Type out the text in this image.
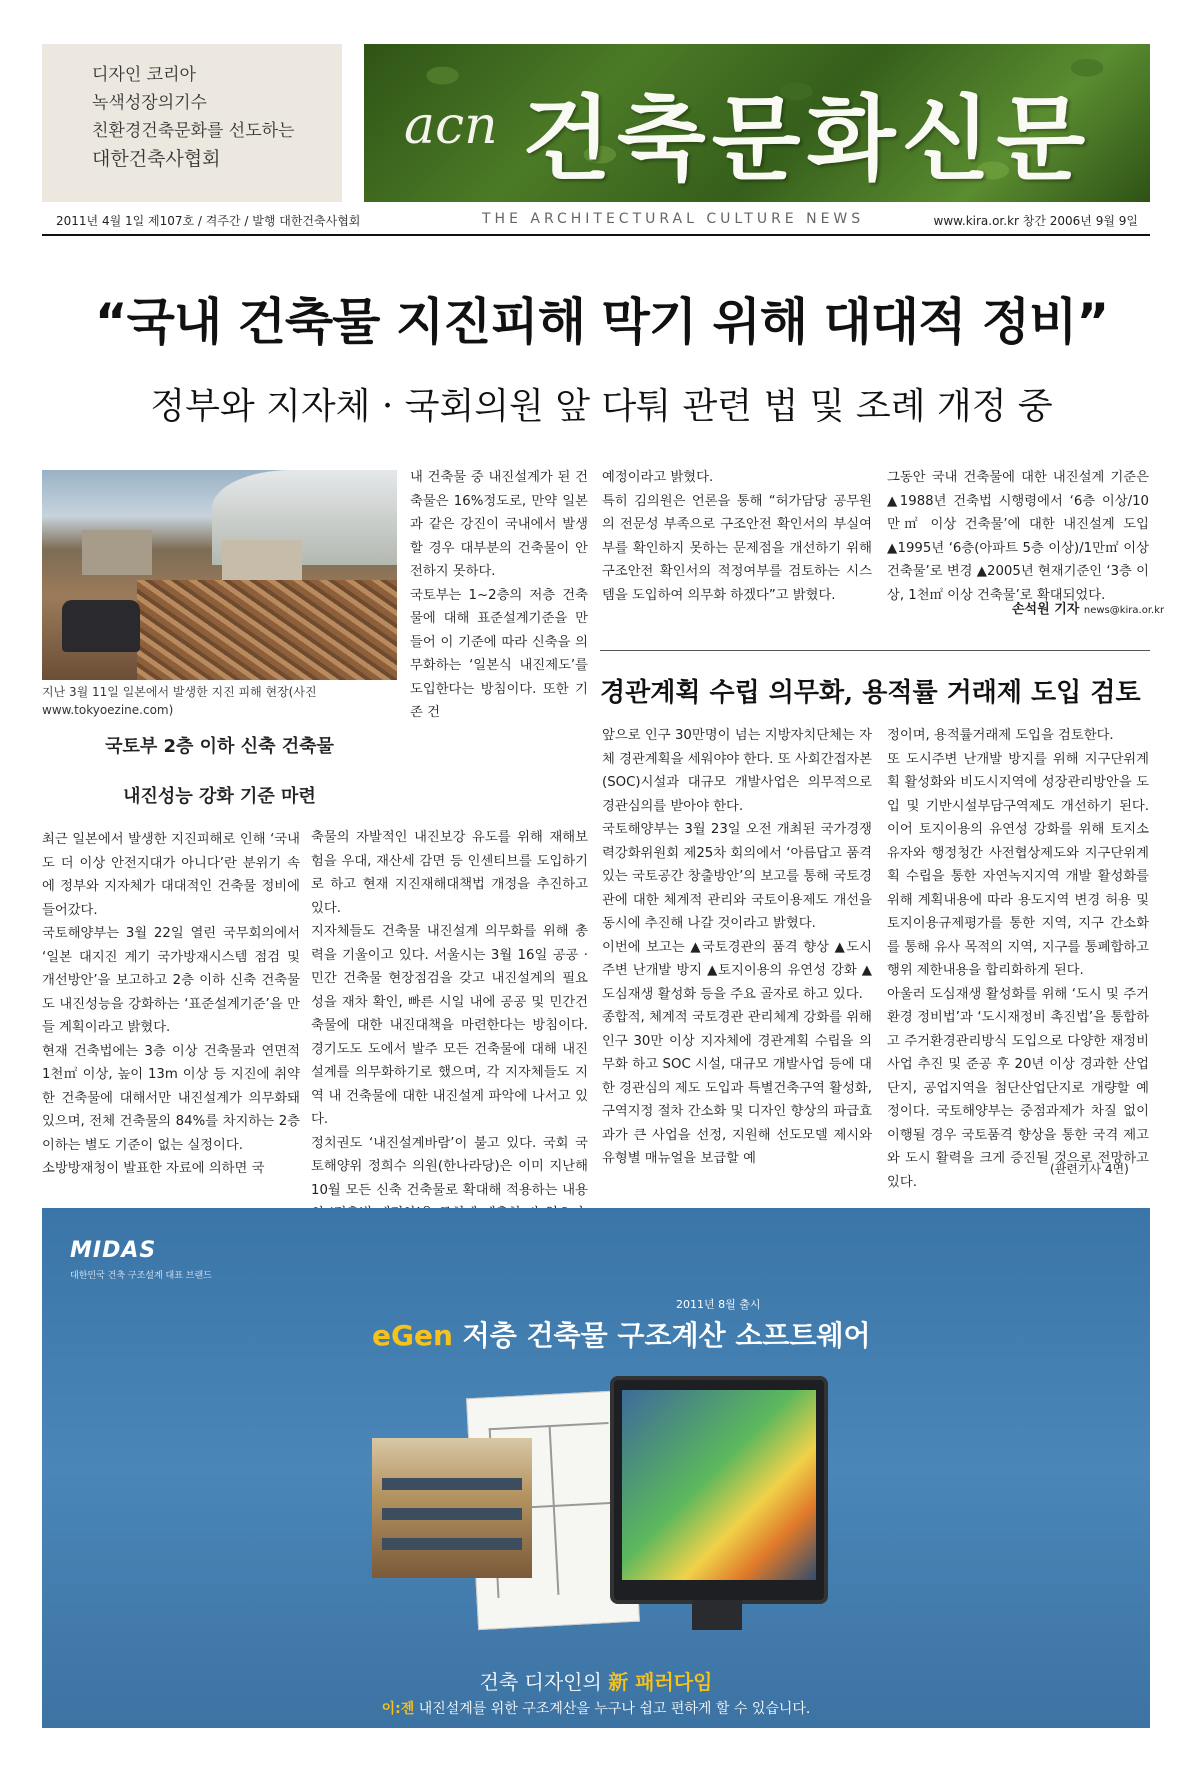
디자인 코리아
녹색성장의기수
친환경건축문화를 선도하는
대한건축사협회
acn 건축문화신문
2011년 4월 1일 제107호 / 격주간 / 발행 대한건축사협회	THE ARCHITECTURAL CULTURE NEWS	www.kira.or.kr 창간 2006년 9월 9일
“국내 건축물 지진피해 막기 위해 대대적 정비”
정부와 지자체 · 국회의원 앞 다퉈 관련 법 및 조례 개정 중
지난 3월 11일 일본에서 발생한 지진 피해 현장(사진 www.tokyoezine.com)
국토부 2층 이하 신축 건축물
내진성능 강화 기준 마련
최근 일본에서 발생한 지진피해로 인해 ‘국내도 더 이상 안전지대가 아니다’란 분위기 속에 정부와 지자체가 대대적인 건축물 정비에 들어갔다.
국토해양부는 3월 22일 열린 국무회의에서 ‘일본 대지진 계기 국가방재시스템 점검 및 개선방안’을 보고하고 2층 이하 신축 건축물도 내진성능을 강화하는 ‘표준설계기준’을 만들 계획이라고 밝혔다.
현재 건축법에는 3층 이상 건축물과 연면적 1천㎡ 이상, 높이 13m 이상 등 지진에 취약한 건축물에 대해서만 내진설계가 의무화돼 있으며, 전체 건축물의 84%를 차지하는 2층 이하는 별도 기준이 없는 실정이다.
소방방재청이 발표한 자료에 의하면 국
내 건축물 중 내진설계가 된 건축물은 16%정도로, 만약 일본과 같은 강진이 국내에서 발생할 경우 대부분의 건축물이 안전하지 못하다.
국토부는 1~2층의 저층 건축물에 대해 표준설계기준을 만들어 이 기준에 따라 신축을 의무화하는 ‘일본식 내진제도’를 도입한다는 방침이다. 또한 기존 건
축물의 자발적인 내진보강 유도를 위해 재해보험을 우대, 재산세 감면 등 인센티브를 도입하기로 하고 현재 지진재해대책법 개정을 추진하고 있다.
지자체들도 건축물 내진설계 의무화를 위해 총력을 기울이고 있다. 서울시는 3월 16일 공공 · 민간 건축물 현장점검을 갖고 내진설계의 필요성을 재차 확인, 빠른 시일 내에 공공 및 민간건축물에 대한 내진대책을 마련한다는 방침이다. 경기도도 도에서 발주 모든 건축물에 대해 내진설계를 의무화하기로 했으며, 각 지자체들도 지역 내 건축물에 대한 내진설계 파악에 나서고 있다.
정치권도 ‘내진설계바람’이 불고 있다. 국회 국토해양위 정희수 의원(한나라당)은 이미 지난해 10월 모든 신축 건축물로 확대해 적용하는 내용
예정이라고 밝혔다.
특히 김의원은 언론을 통해 “허가담당 공무원의 전문성 부족으로 구조안전 확인서의 부실여부를 확인하지 못하는 문제점을 개선하기 위해 구조안전 확인서의 적정여부를 검토하는 시스템을 도입하여 의무화 하겠다”고 밝혔다.
그동안 국내 건축물에 대한 내진설계 기준은 ▲1988년 건축법 시행령에서 ‘6층 이상/10만㎡ 이상 건축물’에 대한 내진설계 도입 ▲1995년 ‘6층(아파트 5층 이상)/1만㎡ 이상 건축물’로 변경 ▲2005년 현재기준인 ‘3층 이상, 1천㎡ 이상 건축물’로 확대되었다.
손석원 기자 news@kira.or.kr
경관계획 수립 의무화, 용적률 거래제 도입 검토
앞으로 인구 30만명이 넘는 지방자치단체는 자체 경관계획을 세워야야 한다. 또 사회간접자본(SOC)시설과 대규모 개발사업은 의무적으로 경관심의를 받아야 한다.
국토해양부는 3월 23일 오전 개최된 국가경쟁력강화위원회 제25차 회의에서 ‘아름답고 품격있는 국토공간 창출방안’의 보고를 통해 국토경관에 대한 체계적 관리와 국토이용제도 개선을 동시에 추진해 나갈 것이라고 밝혔다.
이번에 보고는 ▲국토경관의 품격 향상 ▲도시주변 난개발 방지 ▲토지이용의 유연성 강화 ▲도심재생 활성화 등을 주요 골자로 하고 있다.
종합적, 체계적 국토경관 관리체계 강화를 위해 인구 30만 이상 지자체에 경관계획 수립을 의무화 하고 SOC 시설, 대규모 개발사업 등에 대한 경관심의 제도 도입과 특별건축구역 활성화, 구역지정 절차 간소화 및 디자인 향상의 파급효과가 큰 사업을 선정, 지원해 선도모델 제시와 유형별 매뉴얼을 보급할 예
정이며, 용적률거래제 도입을 검토한다.
또 도시주변 난개발 방지를 위해 지구단위계획 활성화와 비도시지역에 성장관리방안을 도입 및 기반시설부담구역제도 개선하기 된다. 이어 토지이용의 유연성 강화를 위해 토지소유자와 행정청간 사전협상제도와 지구단위계획 수립을 통한 자연녹지지역 개발 활성화를 위해 계획내용에 따라 용도지역 변경 허용 및 토지이용규제평가를 통한 지역, 지구 간소화를 통해 유사 목적의 지역, 지구를 통폐합하고 행위 제한내용을 합리화하게 된다.
아울러 도심재생 활성화를 위해 ‘도시 및 주거환경 정비법’과 ‘도시재정비 촉진법’을 통합하고 주거환경관리방식 도입으로 다양한 재정비사업 추진 및 준공 후 20년 이상 경과한 산업단지, 공업지역을 첨단산업단지로 개량할 예정이다. 국토해양부는 중점과제가 차질 없이 이행될 경우 국토품격 향상을 통한 국격 제고와 도시 활력을 크게 증진될 것으로 전망하고 있다.
(관련기사 4면)
MIDAS
대한민국 건축 구조설계 대표 브랜드
2011년 8월 출시
eGen 저층 건축물 구조계산 소프트웨어
건축 디자인의 新 패러다임
이:젠 내진설계를 위한 구조계산을 누구나 쉽고 편하게 할 수 있습니다.
